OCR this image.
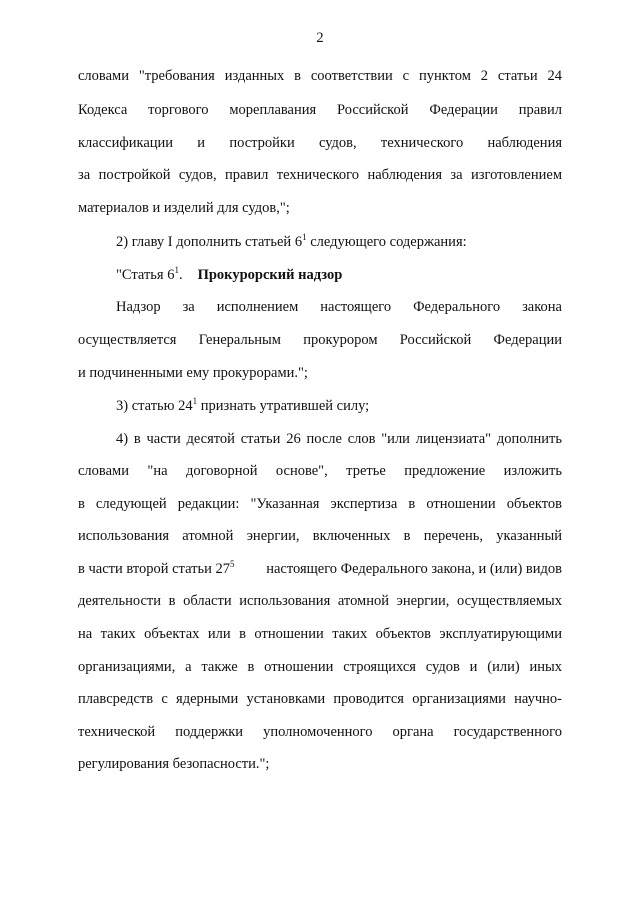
2
словами "требования изданных в соответствии с пунктом 2 статьи 24
Кодекса торгового мореплавания Российской Федерации правил
классификации и постройки судов, технического наблюдения
за постройкой судов, правил технического наблюдения за изготовлением
материалов и изделий для судов,";
2) главу I дополнить статьей $6^1$ следующего содержания:
"Статья $6^1$. Прокурорский надзор
Надзор за исполнением настоящего Федерального закона
осуществляется Генеральным прокурором Российской Федерации
и подчиненными ему прокурорами.";
3) статью $24^1$ признать утратившей силу;
4) в части десятой статьи 26 после слов "или лицензиата" дополнить
словами "на договорной основе", третье предложение изложить
в следующей редакции: "Указанная экспертиза в отношении объектов
использования атомной энергии, включенных в перечень, указанный
в части второй статьи $27^5$ настоящего Федерального закона, и (или) видов
деятельности в области использования атомной энергии, осуществляемых
на таких объектах или в отношении таких объектов эксплуатирующими
организациями, а также в отношении строящихся судов и (или) иных
плавсредств с ядерными установками проводится организациями научно-
технической поддержки уполномоченного органа государственного
регулирования безопасности.";
